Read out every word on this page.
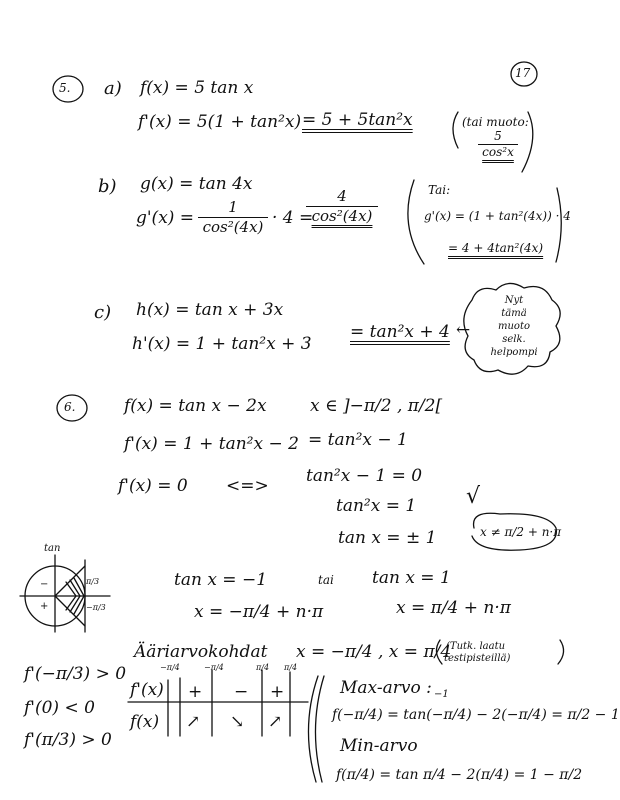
17
5. a) f(x) = 5 tan x
f'(x) = 5(1 + tan²x) = 5 + 5tan²x	(tai muoto:
5
cos²x
b) g(x) = tan 4x
g'(x) =
1
cos²(4x) · 4 =
4
cos²(4x)
Tai:
g'(x) = (1 + tan²(4x)) · 4
= 4 + 4tan²(4x)
c) h(x) = tan x + 3x
h'(x) = 1 + tan²x + 3
= tan²x + 4 ←
Nyt
tämä
muoto
selk.
helpompi
6.	f(x) = tan x − 2x	x ∈ ]−π/2 , π/2[
f'(x) = 1 + tan²x − 2 = tan²x − 1
f'(x) = 0 <=> tan²x − 1 = 0
tan²x = 1
tan x = ± 1
√
x ≠ π/2 + n·π
tan
−
+
π/3
−π/3
tan x = −1	tai tan x = 1
x = −π/4 + n·π	x = π/4 + n·π
Ääriarvokohdat x = −π/4 , x = π/4
(Tutk. laatu
testipisteillä)
f'(−π/3) > 0
f'(0) < 0
f'(π/3) > 0
−π/4	−π/4	π/4 π/4
f'(x)
f(x)
+ − +
↗ ↘ ↗
Max-arvo : −1
f(−π/4) = tan(−π/4) − 2(−π/4) = π/2 − 1
Min-arvo
f(π/4) = tan π/4 − 2(π/4) = 1 − π/2
